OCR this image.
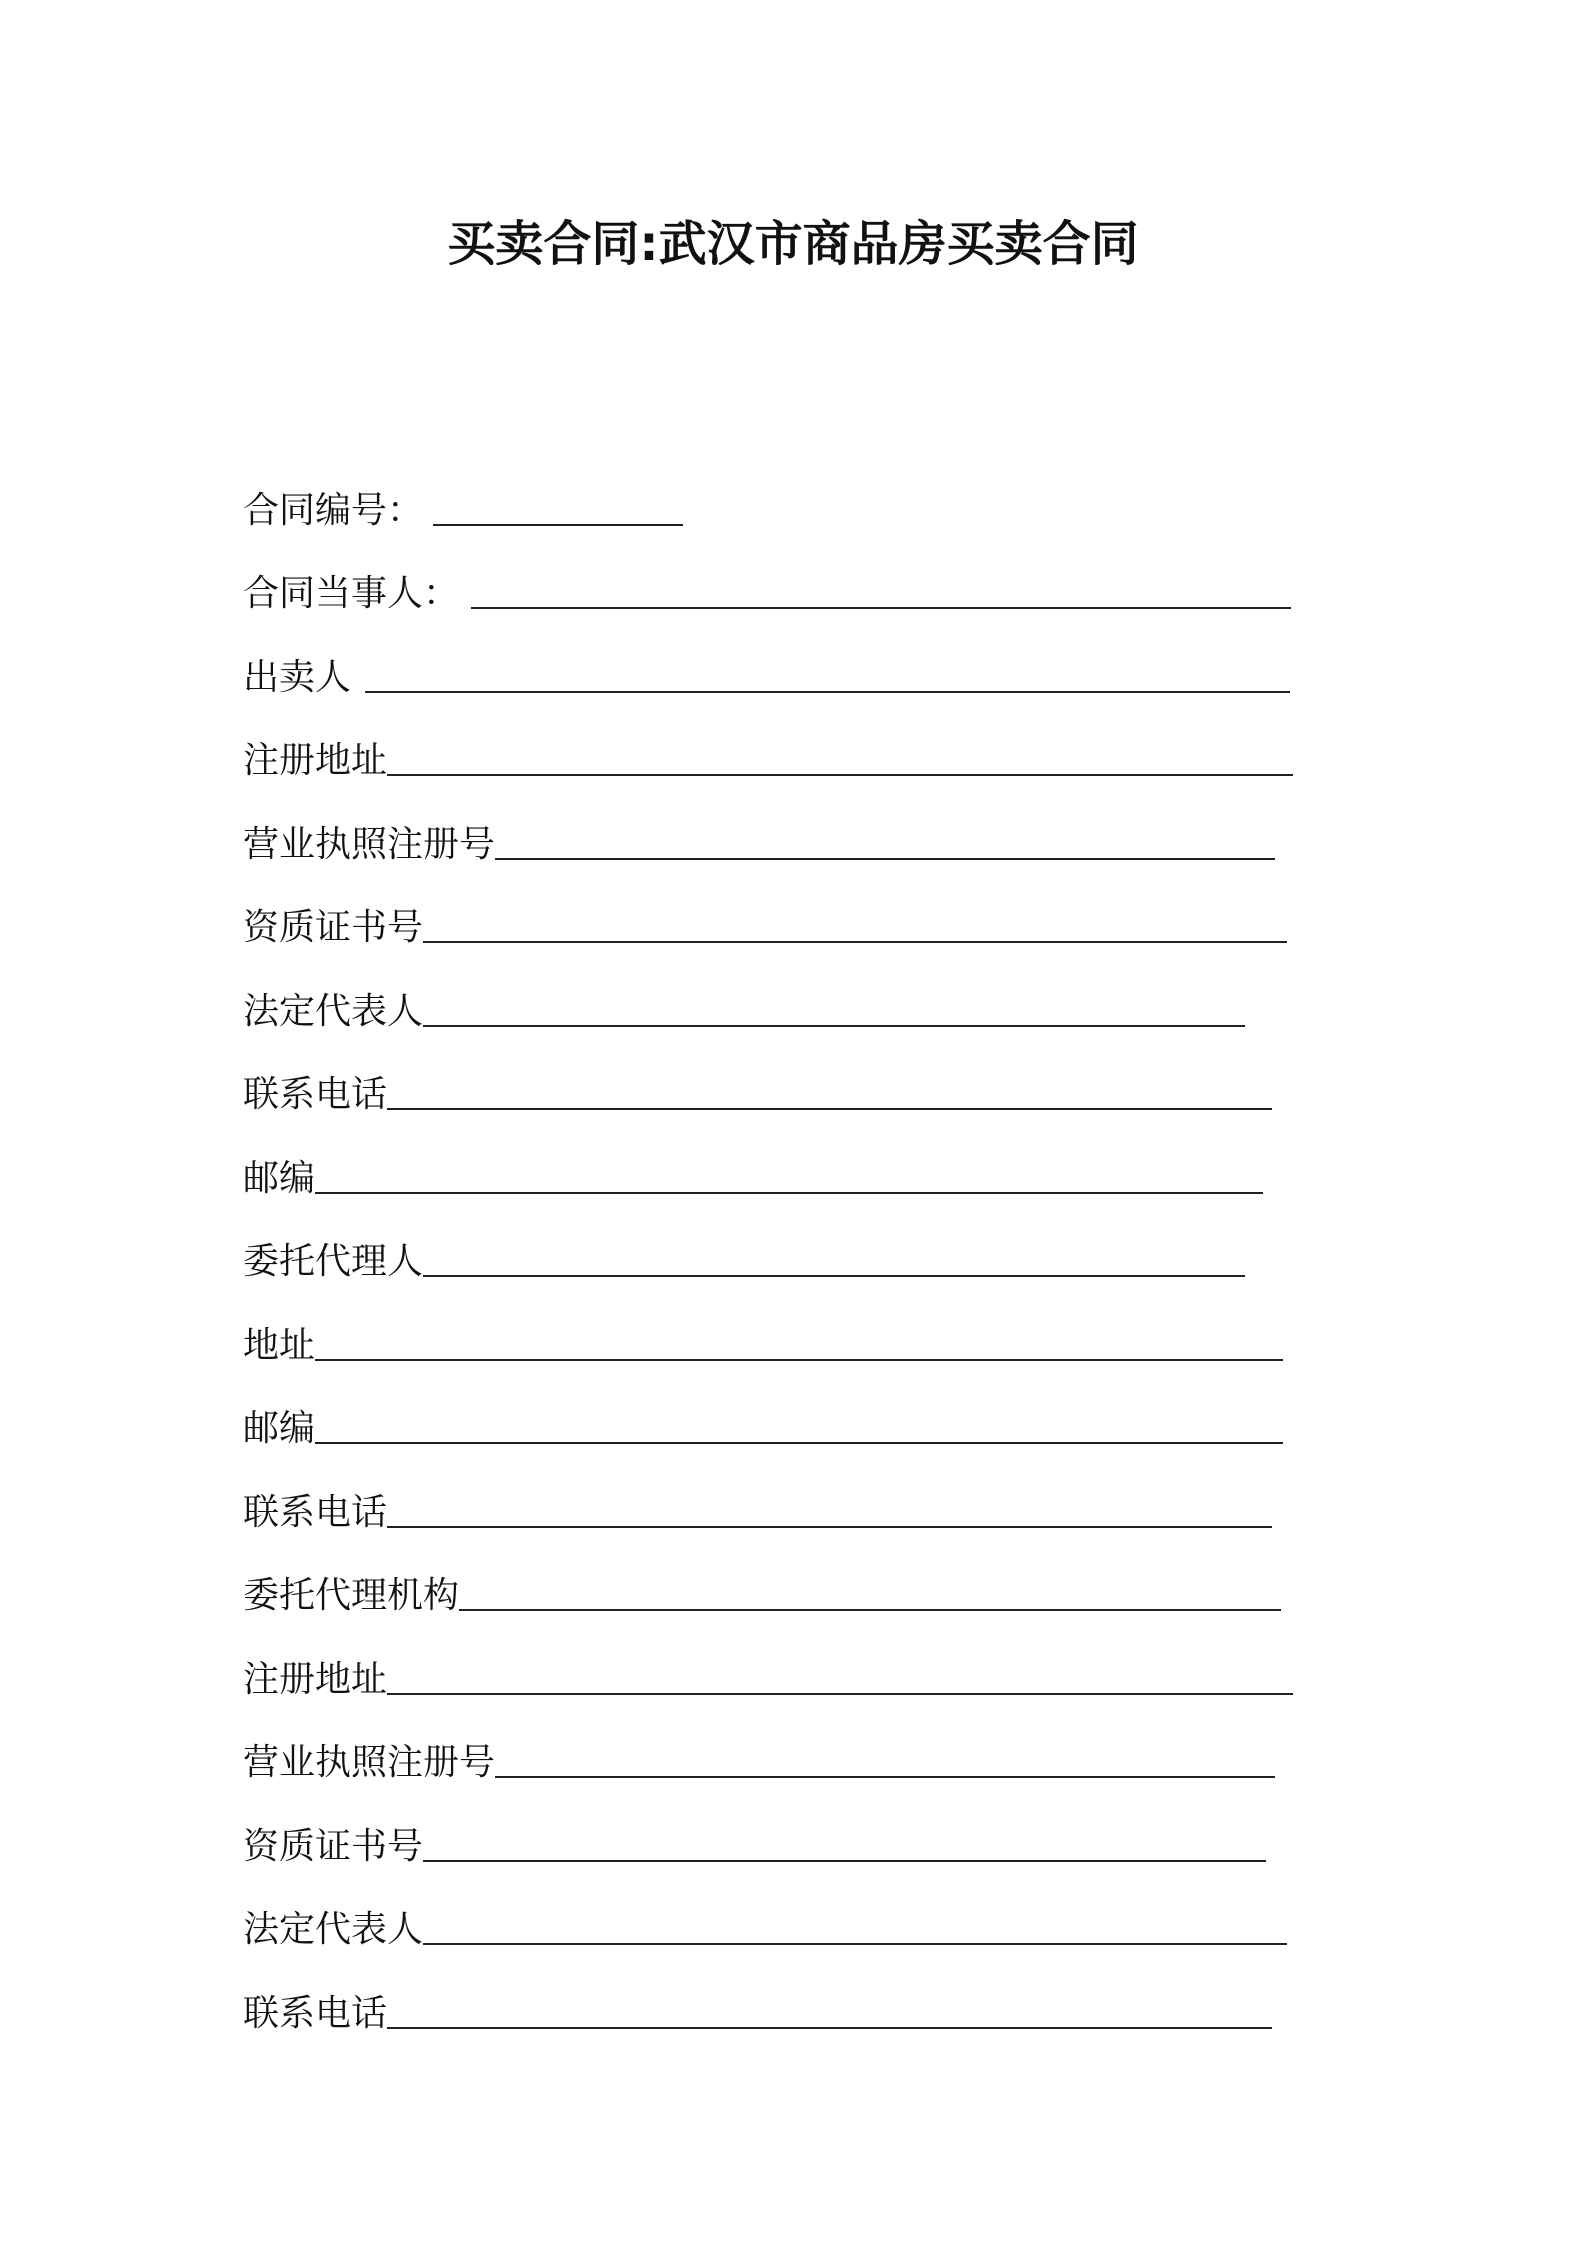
买卖合同:武汉市商品房买卖合同
合同编号：
合同当事人：
出卖人
注册地址
营业执照注册号
资质证书号
法定代表人
联系电话
邮编
委托代理人
地址
邮编
联系电话
委托代理机构
注册地址
营业执照注册号
资质证书号
法定代表人
联系电话
